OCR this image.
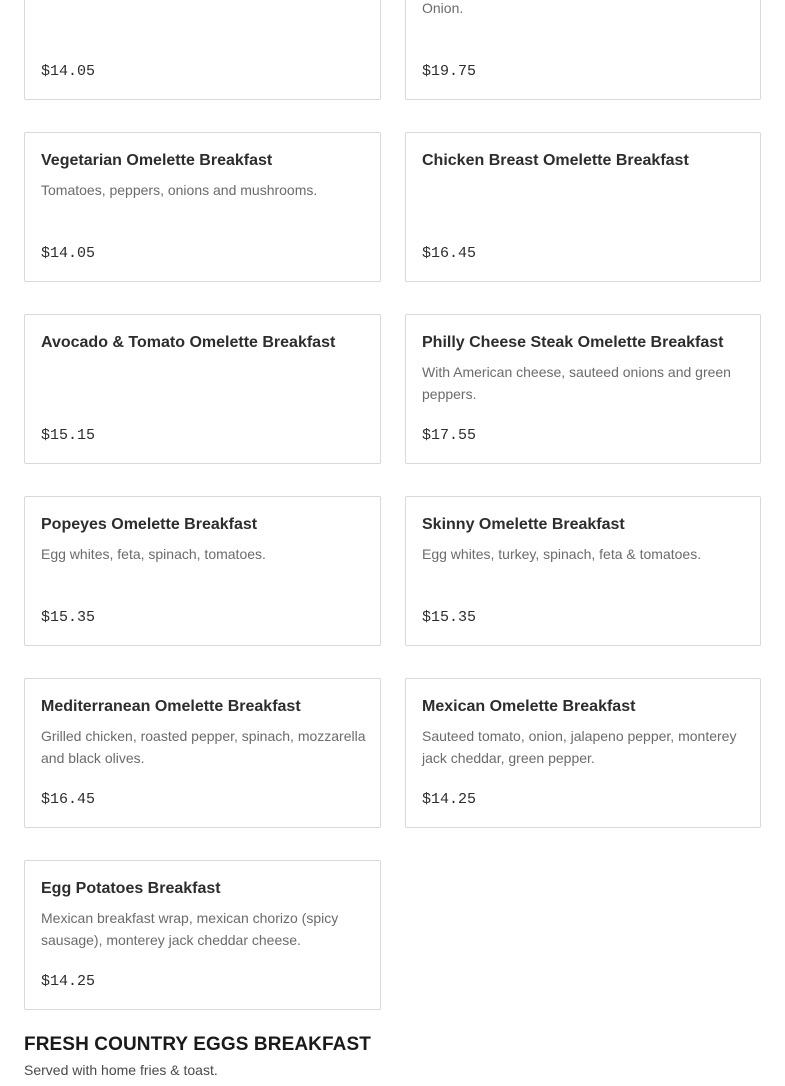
$14.05
Onion.
$19.75
Vegetarian Omelette Breakfast
Tomatoes, peppers, onions and mushrooms.
$14.05
Chicken Breast Omelette Breakfast
$16.45
Avocado & Tomato Omelette Breakfast
$15.15
Philly Cheese Steak Omelette Breakfast
With American cheese, sauteed onions and green peppers.
$17.55
Popeyes Omelette Breakfast
Egg whites, feta, spinach, tomatoes.
$15.35
Skinny Omelette Breakfast
Egg whites, turkey, spinach, feta & tomatoes.
$15.35
Mediterranean Omelette Breakfast
Grilled chicken, roasted pepper, spinach, mozzarella and black olives.
$16.45
Mexican Omelette Breakfast
Sauteed tomato, onion, jalapeno pepper, monterey jack cheddar, green pepper.
$14.25
Egg Potatoes Breakfast
Mexican breakfast wrap, mexican chorizo (spicy sausage), monterey jack cheddar cheese.
$14.25
FRESH COUNTRY EGGS BREAKFAST
Served with home fries & toast.
